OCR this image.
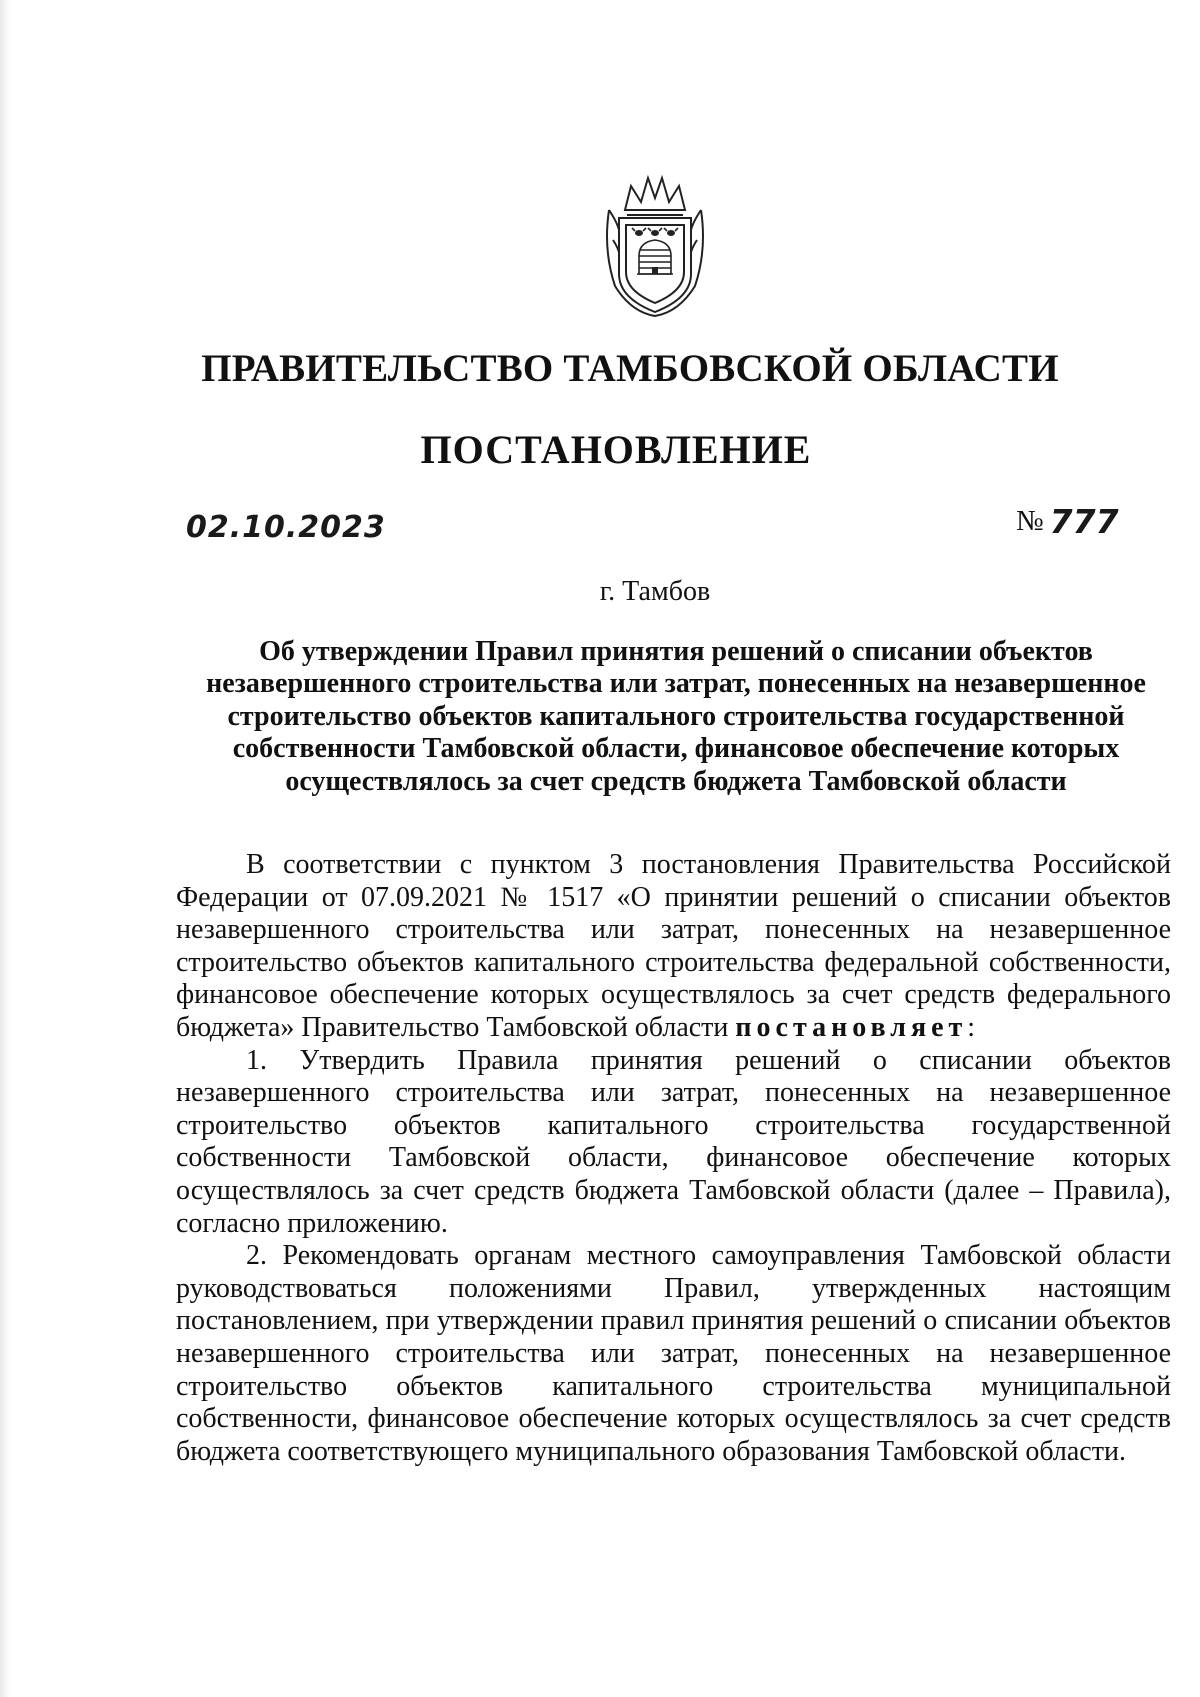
ПРАВИТЕЛЬСТВО ТАМБОВСКОЙ ОБЛАСТИ
ПОСТАНОВЛЕНИЕ
02.10.2023	№ 777
г. Тамбов
Об утверждении Правил принятия решений о списании объектов незавершенного строительства или затрат, понесенных на незавершенное строительство объектов капитального строительства государственной собственности Тамбовской области, финансовое обеспечение которых осуществлялось за счет средств бюджета Тамбовской области

В соответствии с пунктом 3 постановления Правительства Российской Федерации от 07.09.2021 № 1517 «О принятии решений о списании объектов незавершенного строительства или затрат, понесенных на незавершенное строительство объектов капитального строительства федеральной собственности, финансовое обеспечение которых осуществлялось за счет средств федерального бюджета» Правительство Тамбовской области постановляет:

1. Утвердить Правила принятия решений о списании объектов незавершенного строительства или затрат, понесенных на незавершенное строительство объектов капитального строительства государственной собственности Тамбовской области, финансовое обеспечение которых осуществлялось за счет средств бюджета Тамбовской области (далее – Правила), согласно приложению.

2. Рекомендовать органам местного самоуправления Тамбовской области руководствоваться положениями Правил, утвержденных настоящим постановлением, при утверждении правил принятия решений о списании объектов незавершенного строительства или затрат, понесенных на незавершенное строительство объектов капитального строительства муниципальной собственности, финансовое обеспечение которых осуществлялось за счет средств бюджета соответствующего муниципального образования Тамбовской области.
